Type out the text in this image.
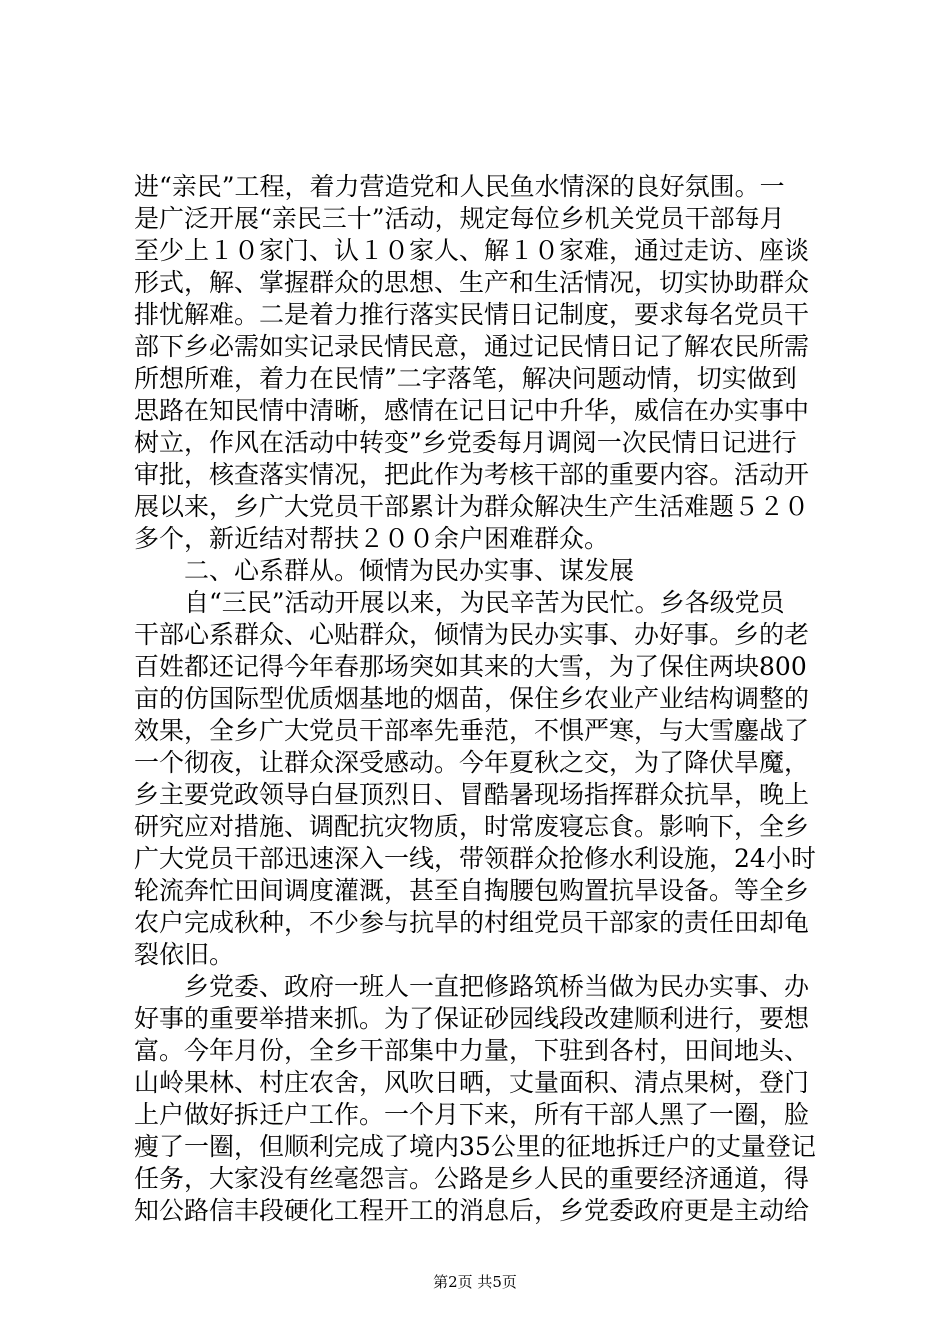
进“亲民”工程，着力营造党和人民鱼水情深的良好氛围。一
是广泛开展“亲民三十”活动，规定每位乡机关党员干部每月
至少上１０家门、认１０家人、解１０家难，通过走访、座谈
形式，解、掌握群众的思想、生产和生活情况，切实协助群众
排忧解难。二是着力推行落实民情日记制度，要求每名党员干
部下乡必需如实记录民情民意，通过记民情日记了解农民所需
所想所难，着力在民情”二字落笔，解决问题动情，切实做到
思路在知民情中清晰，感情在记日记中升华，威信在办实事中
树立，作风在活动中转变”乡党委每月调阅一次民情日记进行
审批，核查落实情况，把此作为考核干部的重要内容。活动开
展以来，乡广大党员干部累计为群众解决生产生活难题５２０
多个，新近结对帮扶２００余户困难群众。
　　二、心系群从。倾情为民办实事、谋发展
　　自“三民”活动开展以来，为民辛苦为民忙。乡各级党员
干部心系群众、心贴群众，倾情为民办实事、办好事。乡的老
百姓都还记得今年春那场突如其来的大雪，为了保住两块800
亩的仿国际型优质烟基地的烟苗，保住乡农业产业结构调整的
效果，全乡广大党员干部率先垂范，不惧严寒，与大雪鏖战了
一个彻夜，让群众深受感动。今年夏秋之交，为了降伏旱魔，
乡主要党政领导白昼顶烈日、冒酷暑现场指挥群众抗旱，晚上
研究应对措施、调配抗灾物质，时常废寝忘食。影响下，全乡
广大党员干部迅速深入一线，带领群众抢修水利设施，24小时
轮流奔忙田间调度灌溉，甚至自掏腰包购置抗旱设备。等全乡
农户完成秋种，不少参与抗旱的村组党员干部家的责任田却龟
裂依旧。
　　乡党委、政府一班人一直把修路筑桥当做为民办实事、办
好事的重要举措来抓。为了保证砂园线段改建顺利进行，要想
富。今年月份，全乡干部集中力量，下驻到各村，田间地头、
山岭果林、村庄农舍，风吹日晒，丈量面积、清点果树，登门
上户做好拆迁户工作。一个月下来，所有干部人黑了一圈，脸
瘦了一圈，但顺利完成了境内35公里的征地拆迁户的丈量登记
任务，大家没有丝毫怨言。公路是乡人民的重要经济通道，得
知公路信丰段硬化工程开工的消息后，乡党委政府更是主动给
第2页 共5页
